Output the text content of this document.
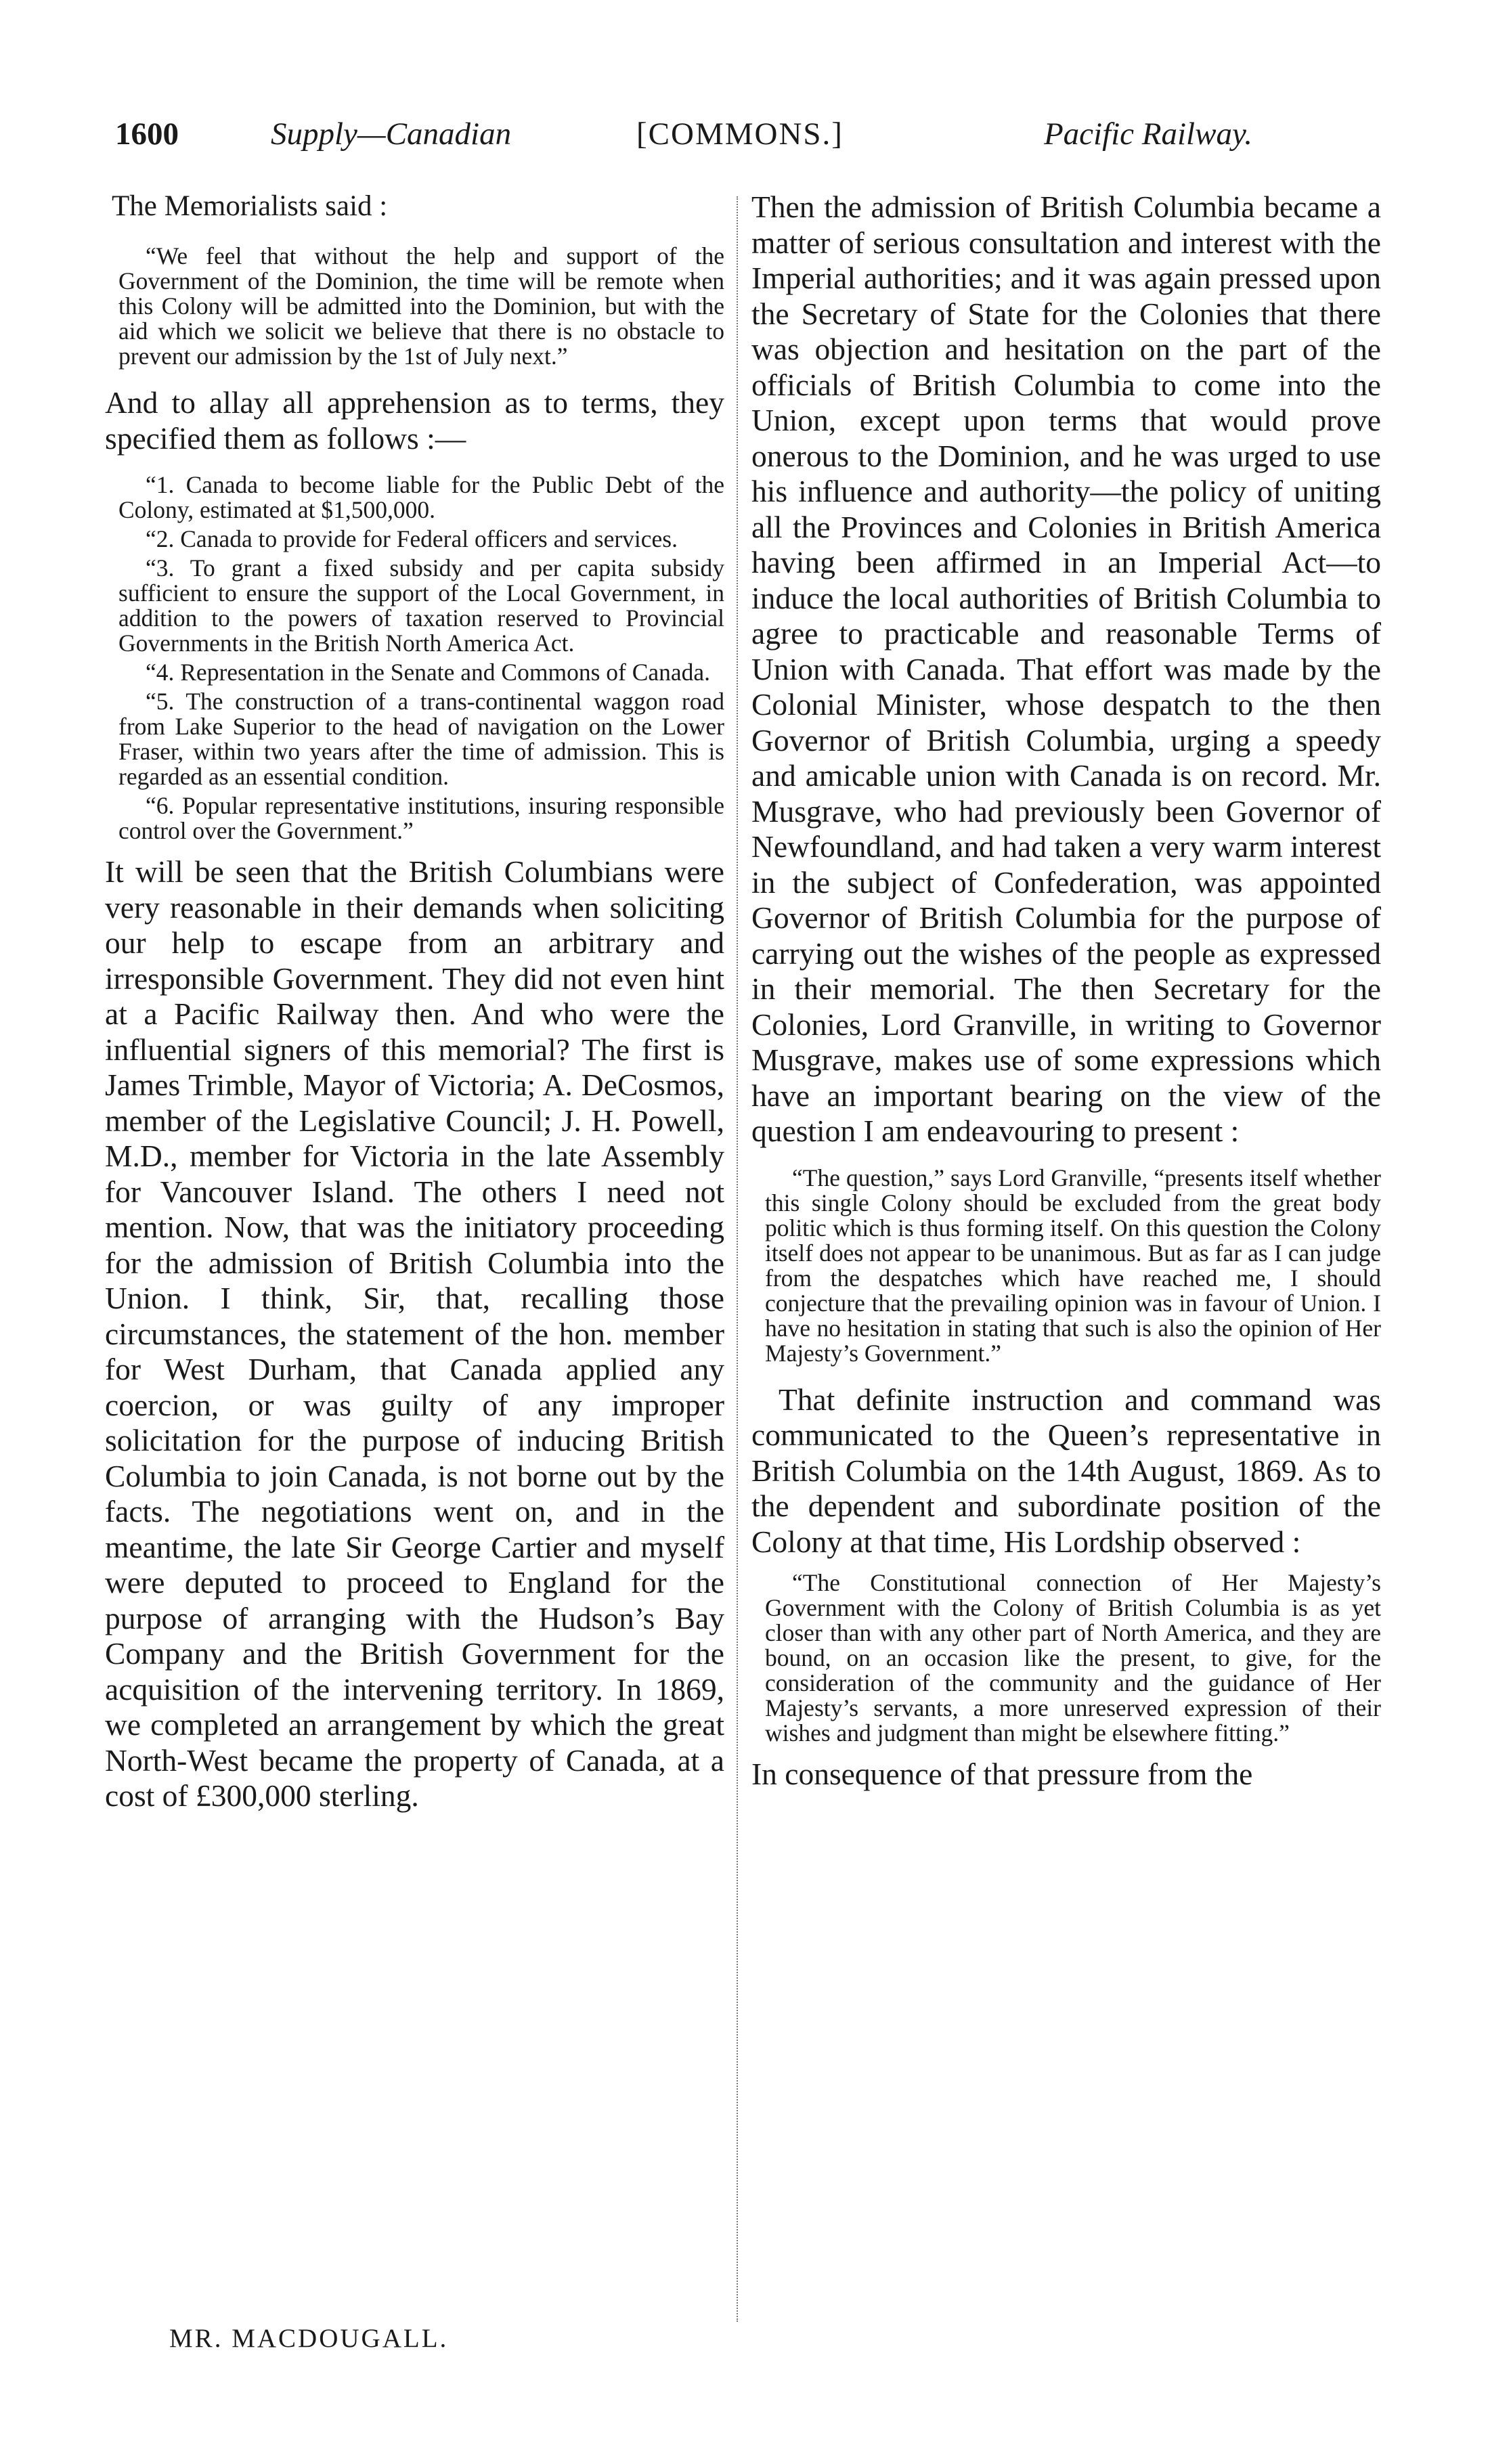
1600	Supply—Canadian	[COMMONS.]	Pacific Railway.

The Memorialists said :

“We feel that without the help and support of the Government of the Dominion, the time will be remote when this Colony will be admitted into the Dominion, but with the aid which we solicit we believe that there is no obstacle to prevent our admission by the 1st of July next.”

And to allay all apprehension as to terms, they specified them as follows :—

“1. Canada to become liable for the Public Debt of the Colony, estimated at $1,500,000.

“2. Canada to provide for Federal officers and services.

“3. To grant a fixed subsidy and per capita subsidy sufficient to ensure the support of the Local Government, in addition to the powers of taxation reserved to Provincial Governments in the British North America Act.

“4. Representation in the Senate and Commons of Canada.

“5. The construction of a trans-continental waggon road from Lake Superior to the head of navigation on the Lower Fraser, within two years after the time of admission. This is regarded as an essential condition.

“6. Popular representative institutions, insuring responsible control over the Government.”

It will be seen that the British Columbians were very reasonable in their demands when soliciting our help to escape from an arbitrary and irresponsible Government. They did not even hint at a Pacific Railway then. And who were the influential signers of this memorial? The first is James Trimble, Mayor of Victoria; A. DeCosmos, member of the Legislative Council; J. H. Powell, M.D., member for Victoria in the late Assembly for Vancouver Island. The others I need not mention. Now, that was the initiatory proceeding for the admission of British Columbia into the Union. I think, Sir, that, recalling those circumstances, the statement of the hon. member for West Durham, that Canada applied any coercion, or was guilty of any improper solicitation for the purpose of inducing British Columbia to join Canada, is not borne out by the facts. The negotiations went on, and in the meantime, the late Sir George Cartier and myself were deputed to proceed to England for the purpose of arranging with the Hudson’s Bay Company and the British Government for the acquisition of the intervening territory. In 1869, we completed an arrangement by which the great North-West became the property of Canada, at a cost of £300,000 sterling.

Then the admission of British Columbia became a matter of serious consultation and interest with the Imperial authorities; and it was again pressed upon the Secretary of State for the Colonies that there was objection and hesitation on the part of the officials of British Columbia to come into the Union, except upon terms that would prove onerous to the Dominion, and he was urged to use his influence and authority—the policy of uniting all the Provinces and Colonies in British America having been affirmed in an Imperial Act—to induce the local authorities of British Columbia to agree to practicable and reasonable Terms of Union with Canada. That effort was made by the Colonial Minister, whose despatch to the then Governor of British Columbia, urging a speedy and amicable union with Canada is on record. Mr. Musgrave, who had previously been Governor of Newfoundland, and had taken a very warm interest in the subject of Confederation, was appointed Governor of British Columbia for the purpose of carrying out the wishes of the people as expressed in their memorial. The then Secretary for the Colonies, Lord Granville, in writing to Governor Musgrave, makes use of some expressions which have an important bearing on the view of the question I am endeavouring to present :

“The question,” says Lord Granville, “presents itself whether this single Colony should be excluded from the great body politic which is thus forming itself. On this question the Colony itself does not appear to be unanimous. But as far as I can judge from the despatches which have reached me, I should conjecture that the prevailing opinion was in favour of Union. I have no hesitation in stating that such is also the opinion of Her Majesty’s Government.”

That definite instruction and command was communicated to the Queen’s representative in British Columbia on the 14th August, 1869. As to the dependent and subordinate position of the Colony at that time, His Lordship observed :

“The Constitutional connection of Her Majesty’s Government with the Colony of British Columbia is as yet closer than with any other part of North America, and they are bound, on an occasion like the present, to give, for the consideration of the community and the guidance of Her Majesty’s servants, a more unreserved expression of their wishes and judgment than might be elsewhere fitting.”

In consequence of that pressure from the

MR. MACDOUGALL.
